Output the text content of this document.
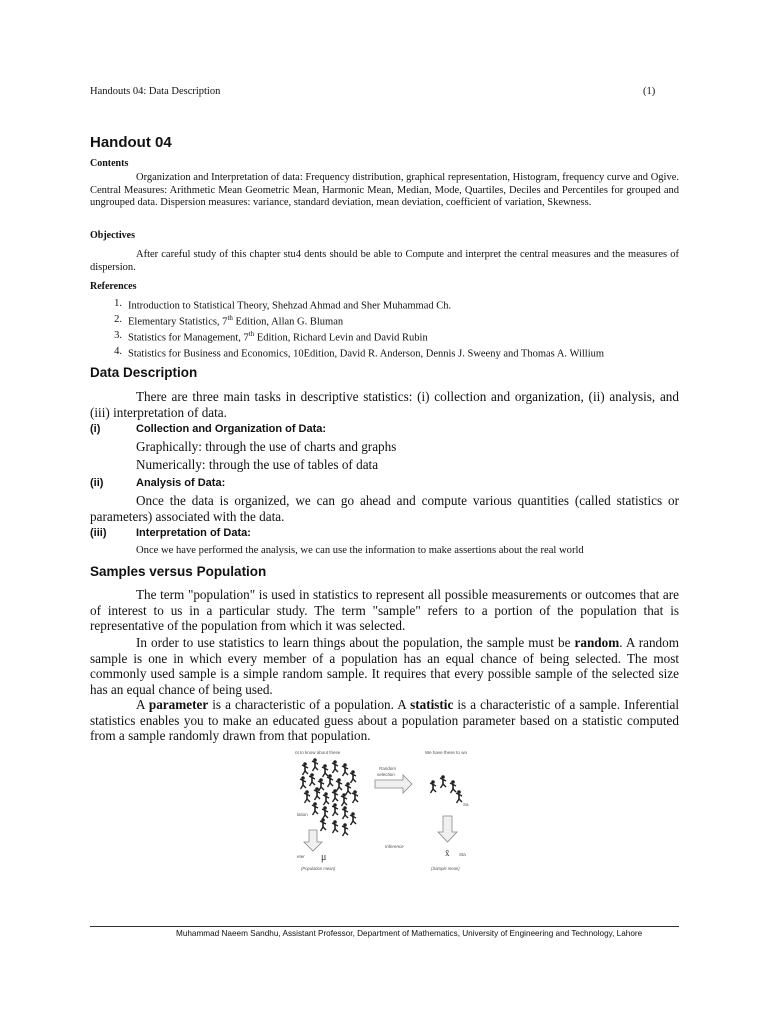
Handouts 04: Data Description	(1)
Handout 04
Contents
Organization and Interpretation of data: Frequency distribution, graphical representation, Histogram, frequency curve and Ogive. Central Measures: Arithmetic Mean Geometric Mean, Harmonic Mean, Median, Mode, Quartiles, Deciles and Percentiles for grouped and ungrouped data. Dispersion measures: variance, standard deviation, mean deviation, coefficient of variation, Skewness.
Objectives
After careful study of this chapter stu4 dents should be able to Compute and interpret the central measures and the measures of dispersion.
References
1. Introduction to Statistical Theory, Shehzad Ahmad and Sher Muhammad Ch.
2. Elementary Statistics, 7th Edition, Allan G. Bluman
3. Statistics for Management, 7th Edition, Richard Levin and David Rubin
4. Statistics for Business and Economics, 10Edition, David R. Anderson, Dennis J. Sweeny and Thomas A. Willium
Data Description
There are three main tasks in descriptive statistics: (i) collection and organization, (ii) analysis, and (iii) interpretation of data.
(i)	Collection and Organization of Data:
Graphically: through the use of charts and graphs
Numerically: through the use of tables of data
(ii)	Analysis of Data:
Once the data is organized, we can go ahead and compute various quantities (called statistics or parameters) associated with the data.
(iii)	Interpretation of Data:
Once we have performed the analysis, we can use the information to make assertions about the real world
Samples versus Population
The term "population" is used in statistics to represent all possible measurements or outcomes that are of interest to us in a particular study. The term "sample" refers to a portion of the population that is representative of the population from which it was selected.
In order to use statistics to learn things about the population, the sample must be random. A random sample is one in which every member of a population has an equal chance of being selected. The most commonly used sample is a simple random sample. It requires that every possible sample of the selected size has an equal chance of being used.
A parameter is a characteristic of a population. A statistic is a characteristic of a sample. Inferential statistics enables you to make an educated guess about a population parameter based on a statistic computed from a sample randomly drawn from that population.
nt to know about these	We have these to wo
Random
selection
lation
Sa
Inference
eter μ	x̄ Sta
(Population mean)	(Sample mean)
Muhammad Naeem Sandhu, Assistant Professor, Department of Mathematics, University of Engineering and Technology, Lahore
